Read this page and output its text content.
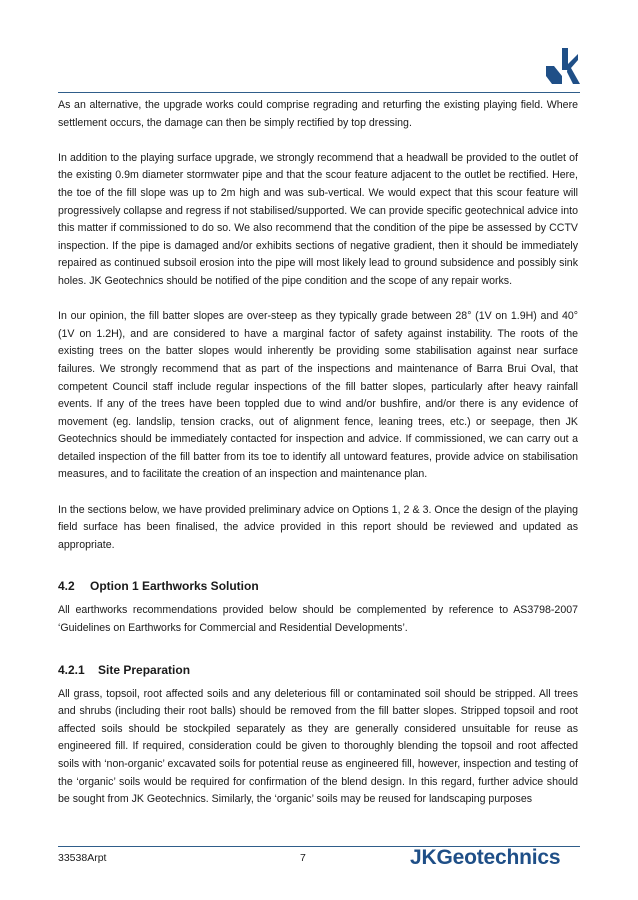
As an alternative, the upgrade works could comprise regrading and returfing the existing playing field. Where settlement occurs, the damage can then be simply rectified by top dressing.

In addition to the playing surface upgrade, we strongly recommend that a headwall be provided to the outlet of the existing 0.9m diameter stormwater pipe and that the scour feature adjacent to the outlet be rectified. Here, the toe of the fill slope was up to 2m high and was sub-vertical. We would expect that this scour feature will progressively collapse and regress if not stabilised/supported. We can provide specific geotechnical advice into this matter if commissioned to do so. We also recommend that the condition of the pipe be assessed by CCTV inspection. If the pipe is damaged and/or exhibits sections of negative gradient, then it should be immediately repaired as continued subsoil erosion into the pipe will most likely lead to ground subsidence and possibly sink holes. JK Geotechnics should be notified of the pipe condition and the scope of any repair works.

In our opinion, the fill batter slopes are over-steep as they typically grade between 28° (1V on 1.9H) and 40° (1V on 1.2H), and are considered to have a marginal factor of safety against instability. The roots of the existing trees on the batter slopes would inherently be providing some stabilisation against near surface failures. We strongly recommend that as part of the inspections and maintenance of Barra Brui Oval, that competent Council staff include regular inspections of the fill batter slopes, particularly after heavy rainfall events. If any of the trees have been toppled due to wind and/or bushfire, and/or there is any evidence of movement (eg. landslip, tension cracks, out of alignment fence, leaning trees, etc.) or seepage, then JK Geotechnics should be immediately contacted for inspection and advice. If commissioned, we can carry out a detailed inspection of the fill batter from its toe to identify all untoward features, provide advice on stabilisation measures, and to facilitate the creation of an inspection and maintenance plan.

In the sections below, we have provided preliminary advice on Options 1, 2 & 3. Once the design of the playing field surface has been finalised, the advice provided in this report should be reviewed and updated as appropriate.

4.2 Option 1 Earthworks Solution

All earthworks recommendations provided below should be complemented by reference to AS3798-2007 ‘Guidelines on Earthworks for Commercial and Residential Developments’.

4.2.1 Site Preparation

All grass, topsoil, root affected soils and any deleterious fill or contaminated soil should be stripped. All trees and shrubs (including their root balls) should be removed from the fill batter slopes. Stripped topsoil and root affected soils should be stockpiled separately as they are generally considered unsuitable for reuse as engineered fill. If required, consideration could be given to thoroughly blending the topsoil and root affected soils with ‘non-organic’ excavated soils for potential reuse as engineered fill, however, inspection and testing of the ‘organic’ soils would be required for confirmation of the blend design. In this regard, further advice should be sought from JK Geotechnics. Similarly, the ‘organic’ soils may be reused for landscaping purposes

33538Arpt	7	JKGeotechnics
